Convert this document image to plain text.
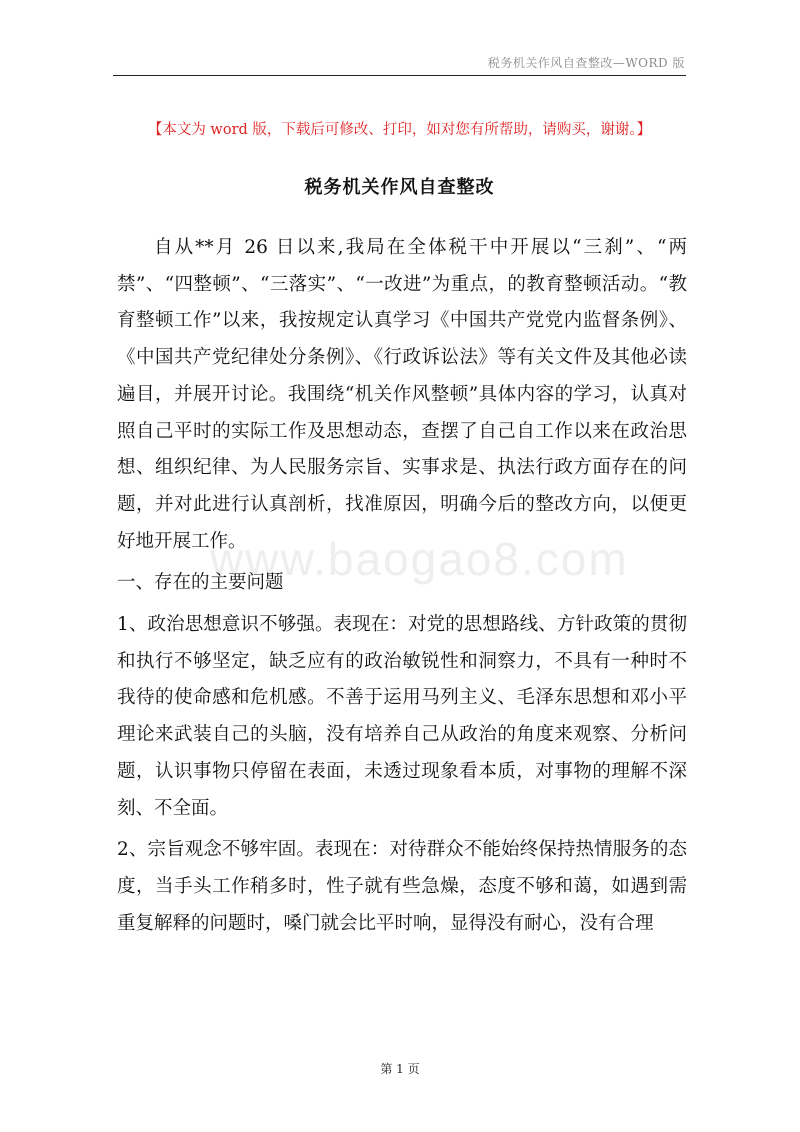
税务机关作风自查整改—WORD 版
【本文为 word 版，下载后可修改、打印，如对您有所帮助，请购买，谢谢。】
税务机关作风自查整改
www.baogao8.com

自从**月 26 日以来,我局在全体税干中开展以“三刹”、“两禁”、“四整顿”、“三落实”、“一改进”为重点，的教育整顿活动。“教育整顿工作”以来，我按规定认真学习《中国共产党党内监督条例》、《中国共产党纪律处分条例》、《行政诉讼法》等有关文件及其他必读遍目，并展开讨论。我围绕“机关作风整顿”具体内容的学习，认真对照自己平时的实际工作及思想动态，查摆了自己自工作以来在政治思想、组织纪律、为人民服务宗旨、实事求是、执法行政方面存在的问题，并对此进行认真剖析，找准原因，明确今后的整改方向，以便更好地开展工作。

一、存在的主要问题

1、政治思想意识不够强。表现在：对党的思想路线、方针政策的贯彻和执行不够坚定，缺乏应有的政治敏锐性和洞察力，不具有一种时不我待的使命感和危机感。不善于运用马列主义、毛泽东思想和邓小平理论来武装自己的头脑，没有培养自己从政治的角度来观察、分析问题，认识事物只停留在表面，未透过现象看本质，对事物的理解不深刻、不全面。

2、宗旨观念不够牢固。表现在：对待群众不能始终保持热情服务的态度，当手头工作稍多时，性子就有些急燥，态度不够和蔼，如遇到需重复解释的问题时，嗓门就会比平时响，显得没有耐心，没有合理

第 1 页
